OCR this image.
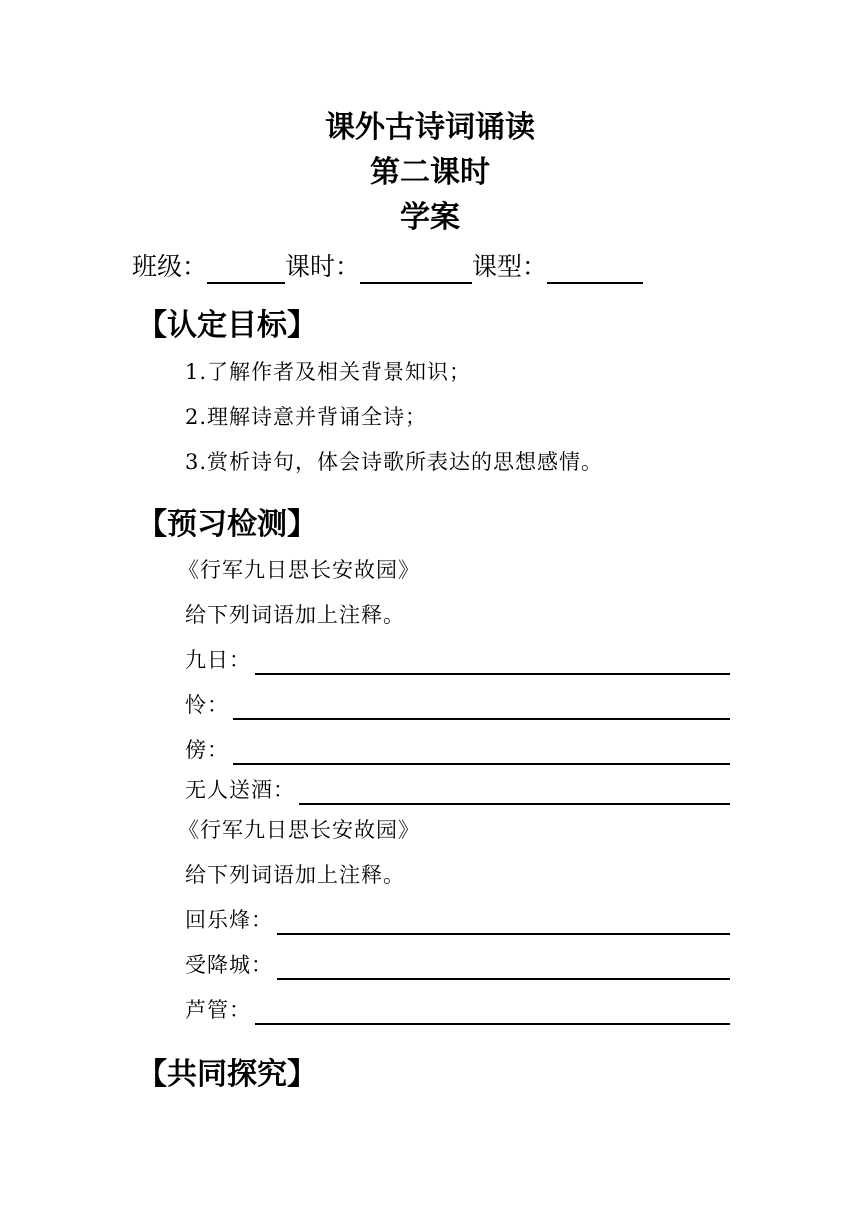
课外古诗词诵读
第二课时
学案
班级：	课时：	课型：
【认定目标】
1.了解作者及相关背景知识；
2.理解诗意并背诵全诗；
3.赏析诗句，体会诗歌所表达的思想感情。
【预习检测】
《行军九日思长安故园》
给下列词语加上注释。
九日：
怜：
傍：
无人送酒：
《行军九日思长安故园》
给下列词语加上注释。
回乐烽：
受降城：
芦管：
【共同探究】
